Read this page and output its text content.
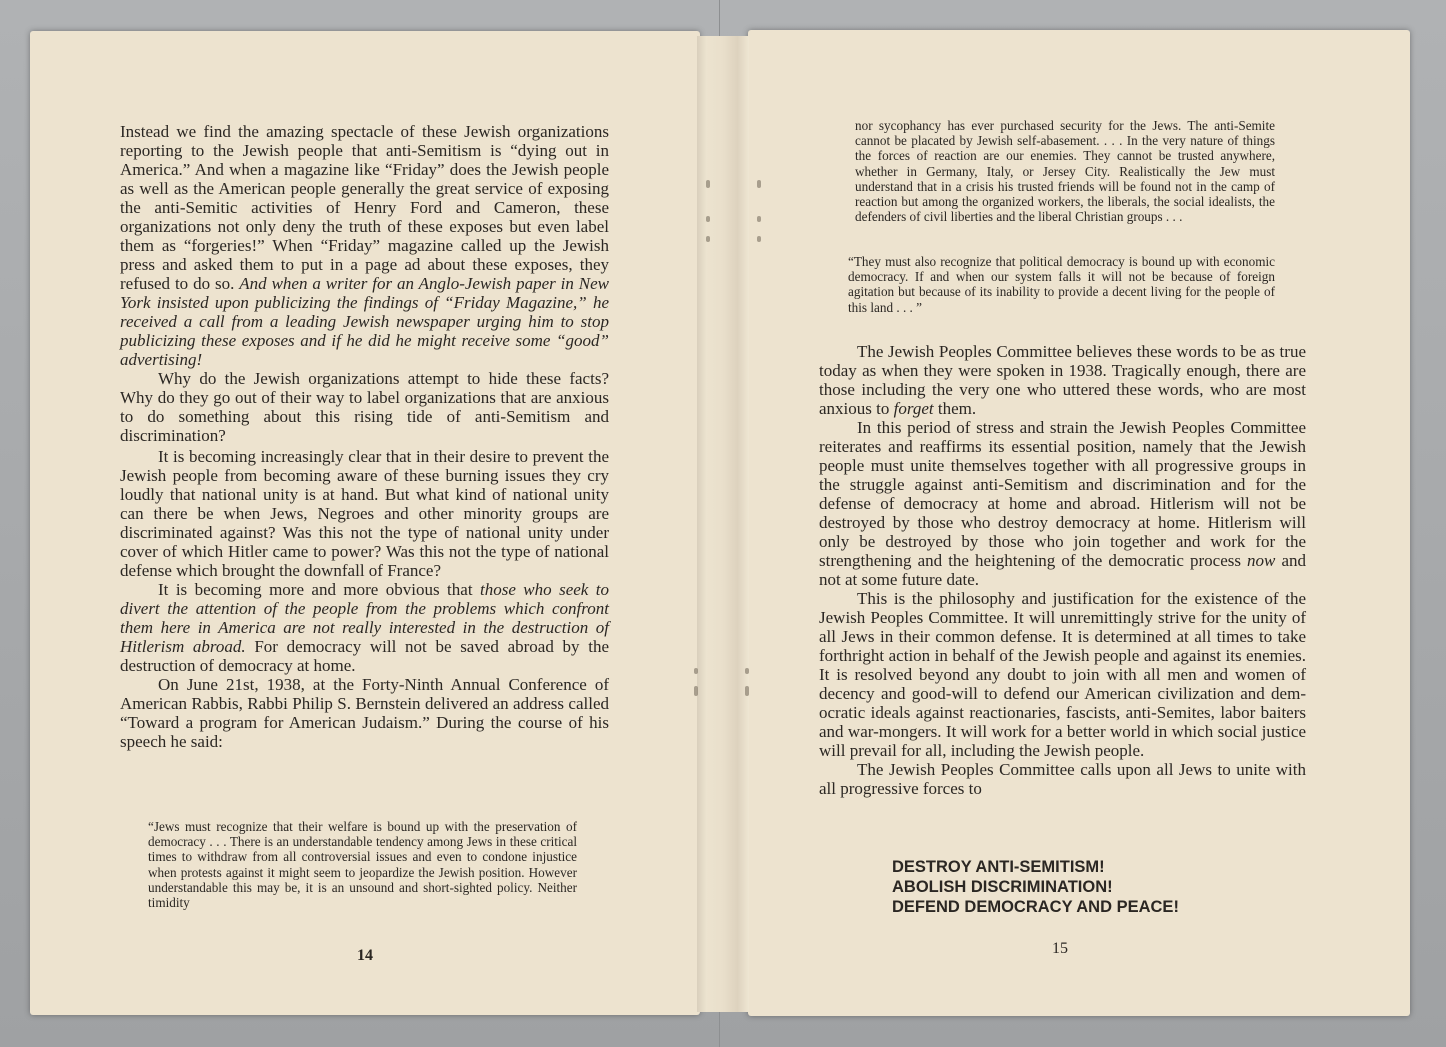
Instead we find the amazing spectacle of these Jewish organizations reporting to the Jewish people that anti-Semitism is “dying out in America.” And when a magazine like “Friday” does the Jewish people as well as the American people generally the great service of exposing the anti-Semitic activities of Henry Ford and Cameron, these organizations not only deny the truth of these exposes but even label them as “forgeries!” When “Friday” magazine called up the Jewish press and asked them to put in a page ad about these exposes, they refused to do so. And when a writer for an Anglo-Jewish paper in New York insisted upon publicizing the findings of “Friday Magazine,” he received a call from a leading Jewish newspaper urging him to stop publicizing these exposes and if he did he might receive some “good” advertising!

Why do the Jewish organizations attempt to hide these facts? Why do they go out of their way to label organizations that are anxious to do something about this rising tide of anti-Semitism and discrimination?

It is becoming increasingly clear that in their desire to prevent the Jewish people from becoming aware of these burning issues they cry loudly that national unity is at hand. But what kind of national unity can there be when Jews, Negroes and other minority groups are discriminated against? Was this not the type of national unity under cover of which Hitler came to power? Was this not the type of national defense which brought the downfall of France?

It is becoming more and more obvious that those who seek to divert the attention of the people from the problems which confront them here in America are not really interested in the destruction of Hitlerism abroad. For democracy will not be saved abroad by the destruction of democracy at home.

On June 21st, 1938, at the Forty-Ninth Annual Conference of American Rabbis, Rabbi Philip S. Bernstein delivered an address called “Toward a program for American Judaism.” During the course of his speech he said:

“Jews must recognize that their welfare is bound up with the preservation of democracy . . . There is an understandable tendency among Jews in these critical times to withdraw from all controversial issues and even to condone injustice when protests against it might seem to jeopardize the Jewish position. However understandable this may be, it is an unsound and short-sighted policy. Neither timidity

14

nor sycophancy has ever purchased security for the Jews. The anti-Semite cannot be placated by Jewish self-abasement. . . . In the very nature of things the forces of reaction are our enemies. They cannot be trusted anywhere, whether in Germany, Italy, or Jersey City. Realistically the Jew must understand that in a crisis his trusted friends will be found not in the camp of reaction but among the organized workers, the liberals, the social idealists, the defenders of civil liberties and the liberal Christian groups . . .

“They must also recognize that political democracy is bound up with economic democracy. If and when our system falls it will not be because of foreign agitation but because of its inability to provide a decent living for the people of this land . . . ”

The Jewish Peoples Committee believes these words to be as true today as when they were spoken in 1938. Tragically enough, there are those including the very one who uttered these words, who are most anxious to forget them.

In this period of stress and strain the Jewish Peoples Committee reiterates and reaffirms its essential position, namely that the Jewish people must unite themselves together with all progressive groups in the struggle against anti-Semitism and discrimination and for the defense of democracy at home and abroad. Hitlerism will not be destroyed by those who destroy democracy at home. Hitlerism will only be destroyed by those who join together and work for the strengthening and the heightening of the democratic process now and not at some future date.

This is the philosophy and justification for the existence of the Jewish Peoples Committee. It will unremittingly strive for the unity of all Jews in their common defense. It is determined at all times to take forthright action in behalf of the Jewish people and against its enemies. It is resolved beyond any doubt to join with all men and women of decency and good-will to defend our American civilization and democratic ideals against reactionaries, fascists, anti-Semites, labor baiters and war-mongers. It will work for a better world in which social justice will prevail for all, including the Jewish people.

The Jewish Peoples Committee calls upon all Jews to unite with all progressive forces to

DESTROY ANTI-SEMITISM!
ABOLISH DISCRIMINATION!
DEFEND DEMOCRACY AND PEACE!
15
